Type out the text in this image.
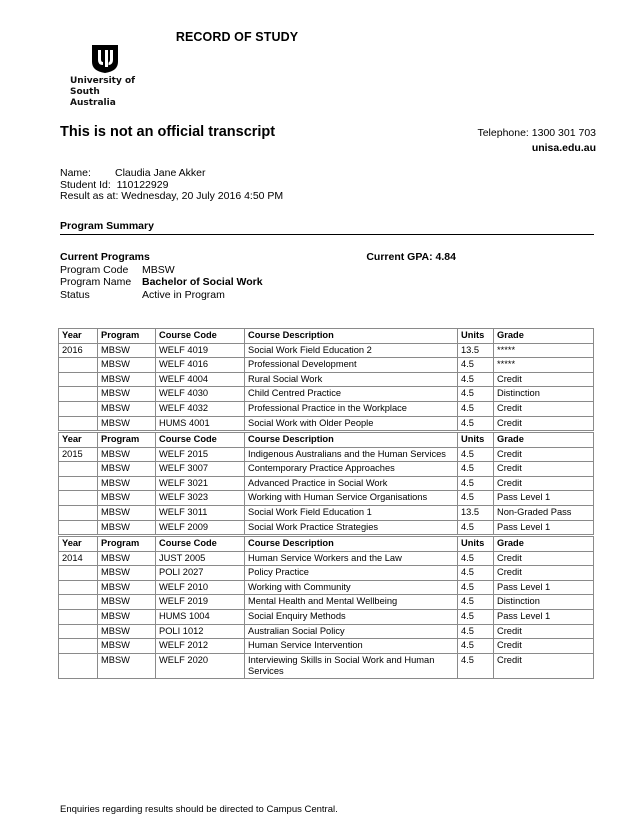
RECORD OF STUDY
University of
South Australia
This is not an official transcript	Telephone: 1300 301 703
unisa.edu.au
Name:	Claudia Jane Akker
Student Id:
110122929
Result as at:
Wednesday, 20 July 2016 4:50 PM
Program Summary
Current Programs	Current GPA: 4.84
Program Code	MBSW
Program Name	Bachelor of Social Work
Status	Active in Program
Year	Program	Course Code	Course Description	Units	Grade
2016	MBSW	WELF 4019	Social Work Field Education 2	13.5	*****
	MBSW	WELF 4016	Professional Development	4.5	*****
	MBSW	WELF 4004	Rural Social Work	4.5	Credit
	MBSW	WELF 4030	Child Centred Practice	4.5	Distinction
	MBSW	WELF 4032	Professional Practice in the Workplace	4.5	Credit
	MBSW	HUMS 4001	Social Work with Older People	4.5	Credit
Year	Program	Course Code	Course Description	Units	Grade
2015	MBSW	WELF 2015	Indigenous Australians and the Human Services	4.5	Credit
	MBSW	WELF 3007	Contemporary Practice Approaches	4.5	Credit
	MBSW	WELF 3021	Advanced Practice in Social Work	4.5	Credit
	MBSW	WELF 3023	Working with Human Service Organisations	4.5	Pass Level 1
	MBSW	WELF 3011	Social Work Field Education 1	13.5	Non-Graded Pass
	MBSW	WELF 2009	Social Work Practice Strategies	4.5	Pass Level 1
Year	Program	Course Code	Course Description	Units	Grade
2014	MBSW	JUST 2005	Human Service Workers and the Law	4.5	Credit
	MBSW	POLI 2027	Policy Practice	4.5	Credit
	MBSW	WELF 2010	Working with Community	4.5	Pass Level 1
	MBSW	WELF 2019	Mental Health and Mental Wellbeing	4.5	Distinction
	MBSW	HUMS 1004	Social Enquiry Methods	4.5	Pass Level 1
	MBSW	POLI 1012	Australian Social Policy	4.5	Credit
	MBSW	WELF 2012	Human Service Intervention	4.5	Credit
	MBSW	WELF 2020	Interviewing Skills in Social Work and Human Services	4.5	Credit
Enquiries regarding results should be directed to Campus Central.
